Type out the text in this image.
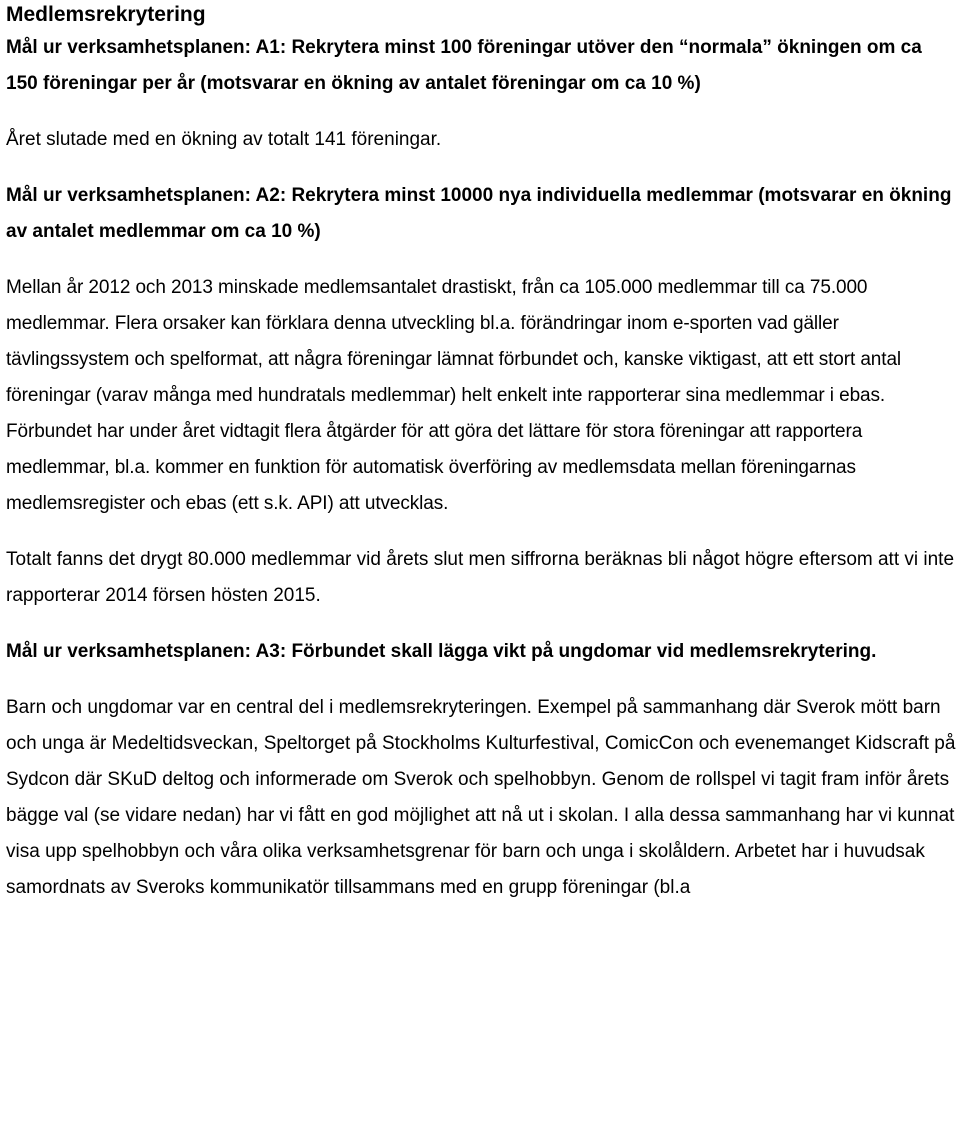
Medlemsrekrytering

Mål ur verksamhetsplanen: A1: Rekrytera minst 100 föreningar utöver den “normala” ökningen om ca 150 föreningar per år (motsvarar en ökning av antalet föreningar om ca 10 %)

Året slutade med en ökning av totalt 141 föreningar.

Mål ur verksamhetsplanen: A2: Rekrytera minst 10000 nya individuella medlemmar (motsvarar en ökning av antalet medlemmar om ca 10 %)

Mellan år 2012 och 2013 minskade medlemsantalet drastiskt, från ca 105.000 medlemmar till ca 75.000 medlemmar. Flera orsaker kan förklara denna utveckling bl.a. förändringar inom e-sporten vad gäller tävlingssystem och spelformat, att några föreningar lämnat förbundet och, kanske viktigast, att ett stort antal föreningar (varav många med hundratals medlemmar) helt enkelt inte rapporterar sina medlemmar i ebas. Förbundet har under året vidtagit flera åtgärder för att göra det lättare för stora föreningar att rapportera medlemmar, bl.a. kommer en funktion för automatisk överföring av medlemsdata mellan föreningarnas medlemsregister och ebas (ett s.k. API) att utvecklas.

Totalt fanns det drygt 80.000 medlemmar vid årets slut men siffrorna beräknas bli något högre eftersom att vi inte rapporterar 2014 försen hösten 2015.

Mål ur verksamhetsplanen: A3: Förbundet skall lägga vikt på ungdomar vid medlemsrekrytering.

Barn och ungdomar var en central del i medlemsrekryteringen. Exempel på sammanhang där Sverok mött barn och unga är Medeltidsveckan, Speltorget på Stockholms Kulturfestival, ComicCon och evenemanget Kidscraft på Sydcon där SKuD deltog och informerade om Sverok och spelhobbyn. Genom de rollspel vi tagit fram inför årets bägge val (se vidare nedan) har vi fått en god möjlighet att nå ut i skolan. I alla dessa sammanhang har vi kunnat visa upp spelhobbyn och våra olika verksamhetsgrenar för barn och unga i skolåldern. Arbetet har i huvudsak samordnats av Sveroks kommunikatör tillsammans med en grupp föreningar (bl.a
